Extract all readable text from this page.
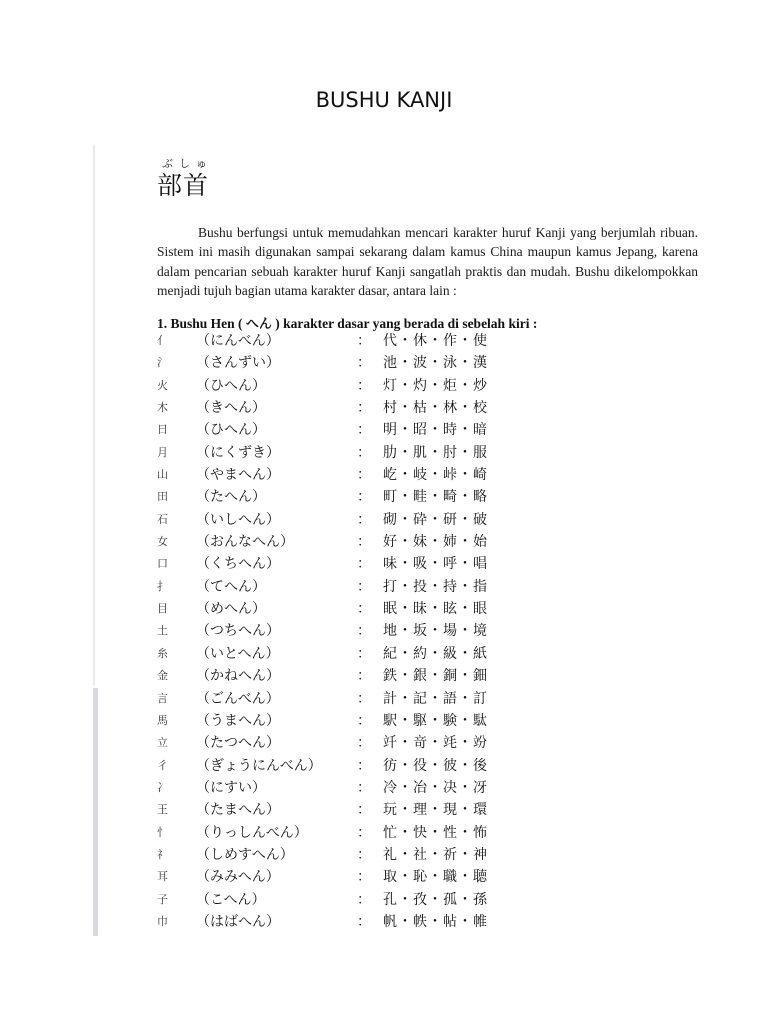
BUSHU KANJI
ぶしゅ
部首

Bushu berfungsi untuk memudahkan mencari karakter huruf Kanji yang berjumlah ribuan. Sistem ini masih digunakan sampai sekarang dalam kamus China maupun kamus Jepang, karena dalam pencarian sebuah karakter huruf Kanji sangatlah praktis dan mudah. Bushu dikelompokkan menjadi tujuh bagian utama karakter dasar, antara lain :

1. Bushu Hen ( へん ) karakter dasar yang berada di sebelah kiri :
亻	（にんべん）	： 代・休・作・使
氵	（さんずい）	： 池・波・泳・漢
火	（ひへん）	： 灯・灼・炬・炒
木	（きへん）	： 村・枯・林・校
日	（ひへん）	： 明・昭・時・暗
月	（にくずき）	： 肋・肌・肘・服
山	（やまへん）	： 屹・岐・峠・崎
田	（たへん）	： 町・畦・畸・略
石	（いしへん）	： 砌・砕・研・破
女	（おんなへん）	： 好・妹・姉・始
口	（くちへん）	： 味・吸・呼・唱
扌	（てへん）	： 打・投・持・指
目	（めへん）	： 眠・昧・眩・眼
土	（つちへん）	： 地・坂・場・境
糸	（いとへん）	： 紀・約・級・紙
金	（かねへん）	： 鉄・銀・銅・鈿
言	（ごんべん）	： 計・記・語・訂
馬	（うまへん）	： 駅・駆・験・駄
立	（たつへん）	： 竏・竒・竓・竕
彳	（ぎょうにんべん）	： 彷・役・彼・後
冫	（にすい）	： 冷・冶・决・冴
王	（たまへん）	： 玩・理・現・環
忄	（りっしんべん）	： 忙・快・性・怖
礻	（しめすへん）	： 礼・社・祈・神
耳	（みみへん）	： 取・恥・職・聴
子	（こへん）	： 孔・孜・孤・孫
巾	（はばへん）	： 帆・帙・帖・帷
